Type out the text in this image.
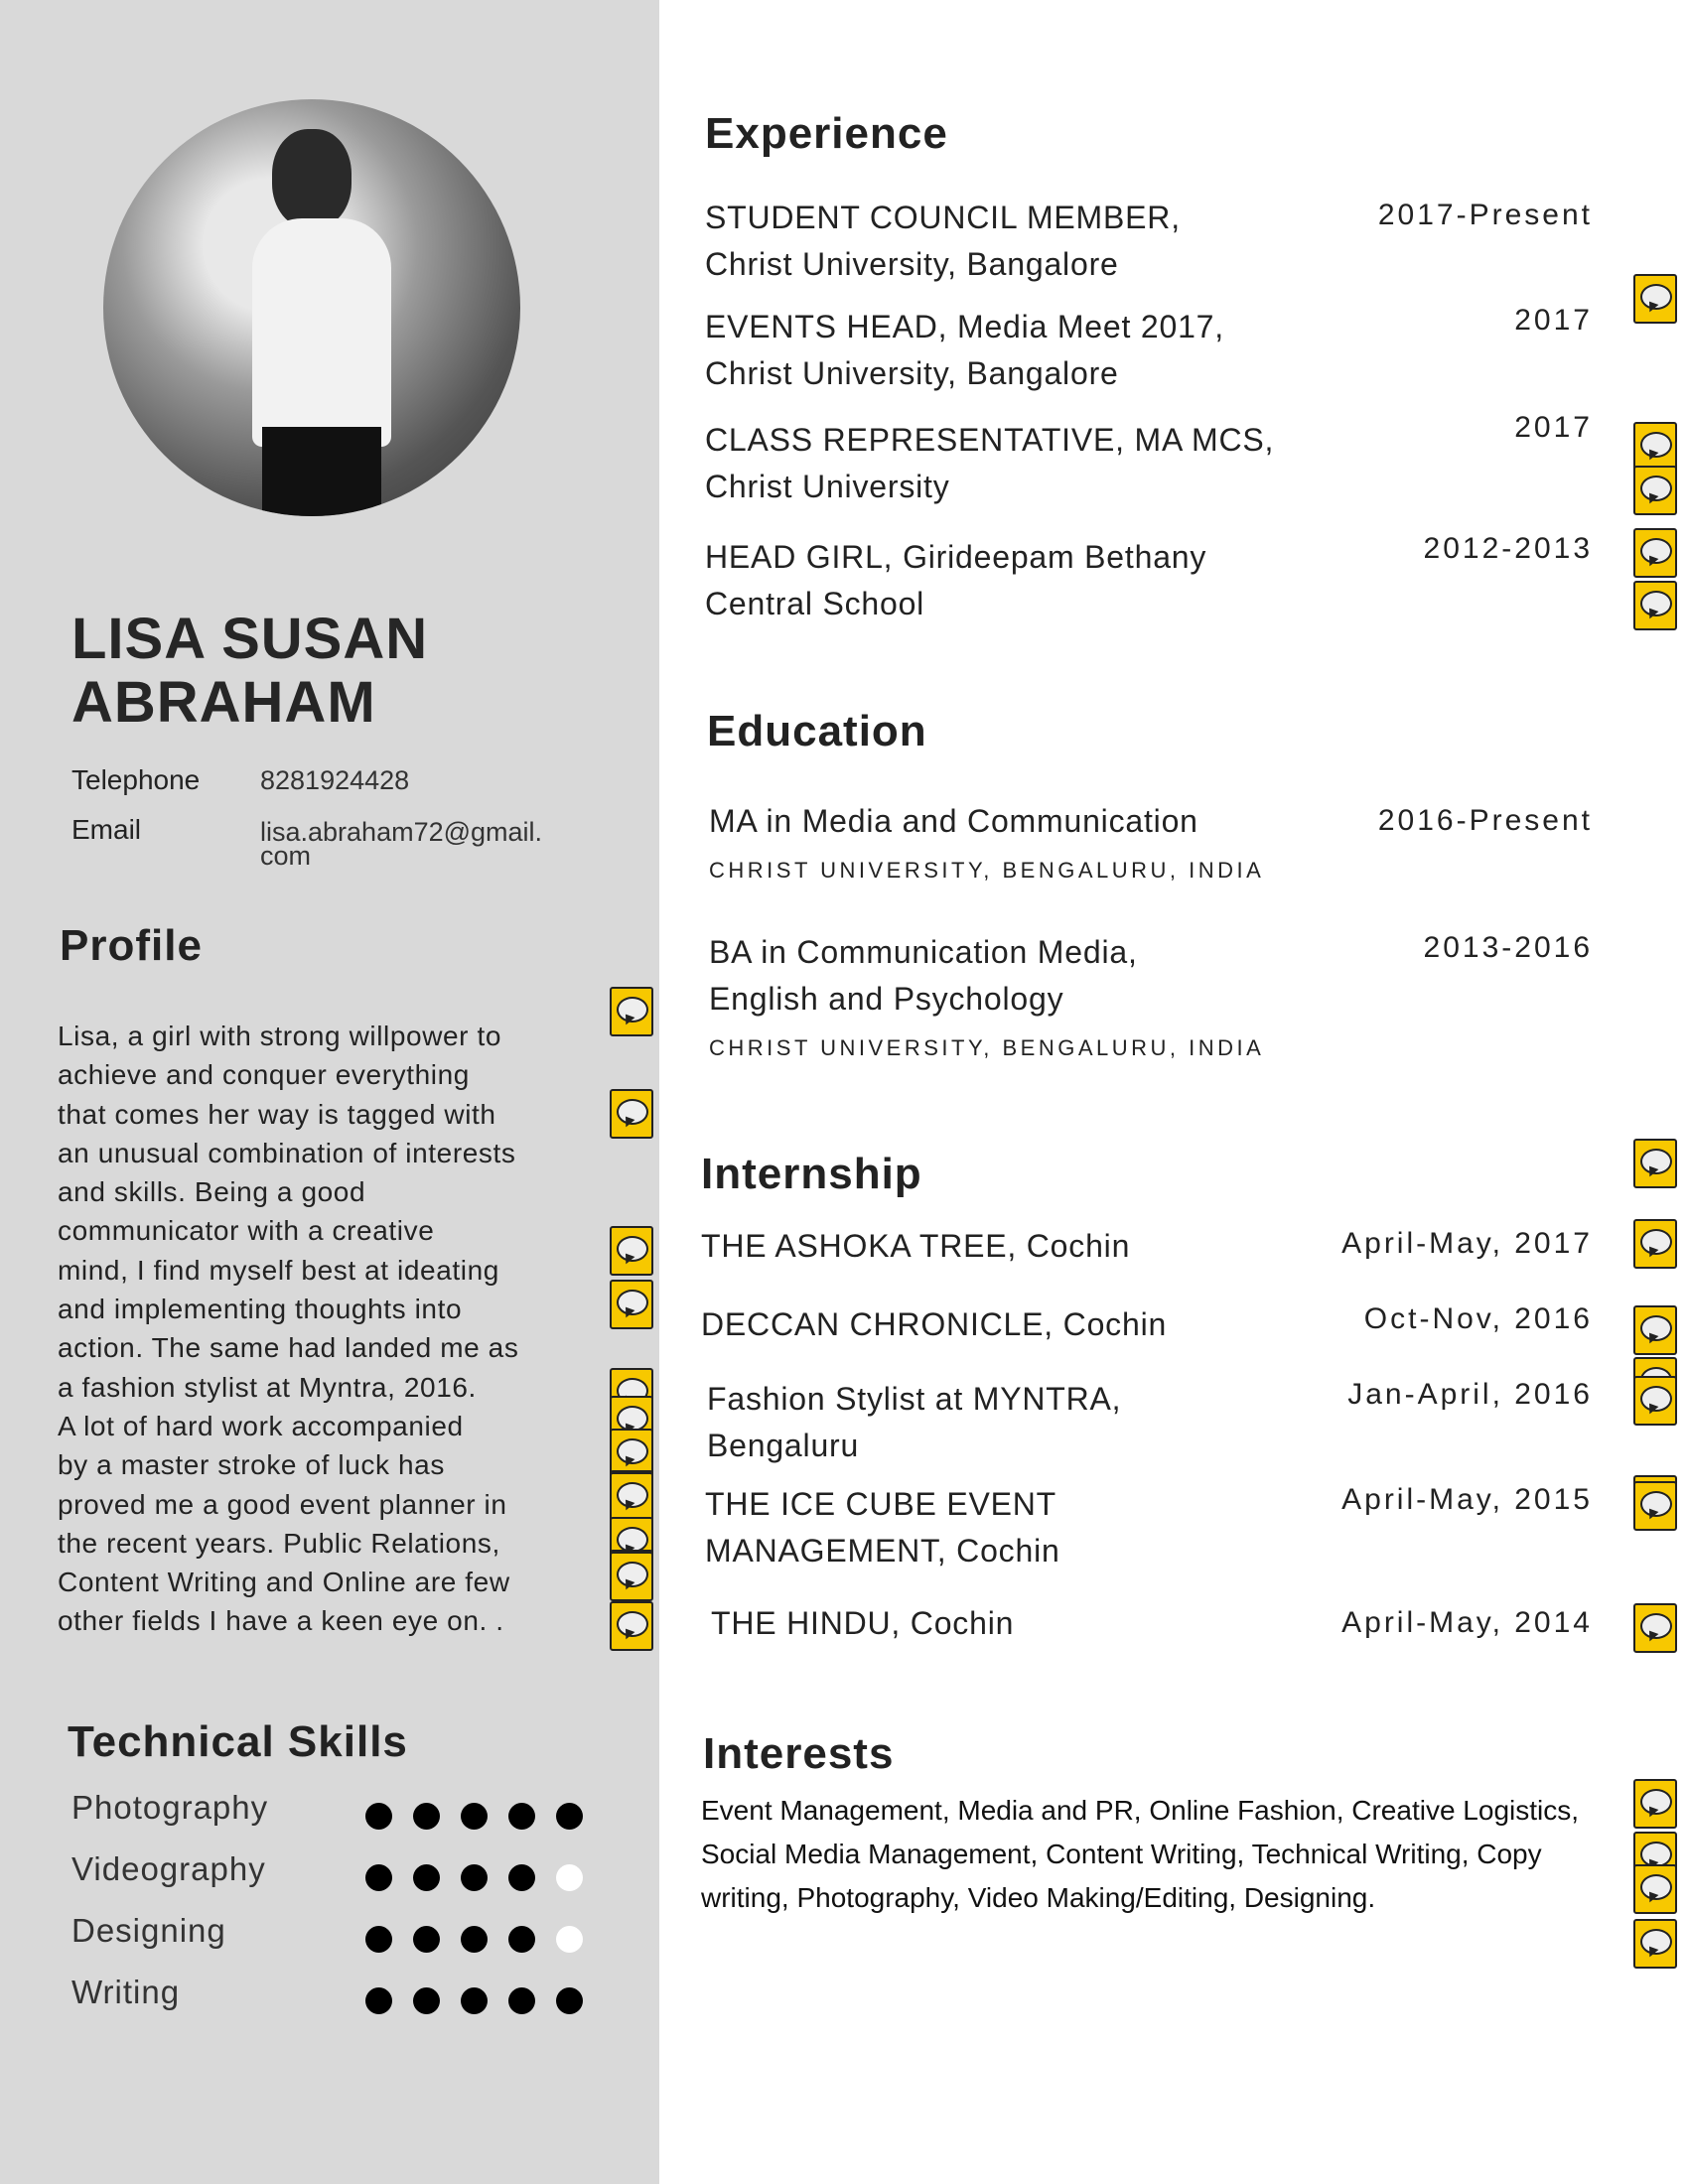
LISA SUSAN
ABRAHAM
Telephone 8281924428
Email	lisa.abraham72@gmail.
com
Profile
Lisa, a girl with strong willpower to
achieve and conquer everything
that comes her way is tagged with
an unusual combination of interests
and skills. Being a good
communicator with a creative
mind, I find myself best at ideating
and implementing thoughts into
action. The same had landed me as
a fashion stylist at Myntra, 2016.
A lot of hard work accompanied
by a master stroke of luck has
proved me a good event planner in
the recent years. Public Relations,
Content Writing and Online are few
other fields I have a keen eye on. .
Technical Skills
Experience
Education
Internship
Interests
Event Management, Media and PR, Online Fashion, Creative Logistics, Social Media Management, Content Writing, Technical Writing, Copy writing, Photography, Video Making/Editing, Designing.
Photography
Videography
Designing
Writing
STUDENT COUNCIL MEMBER,
Christ University, Bangalore
2017-Present
EVENTS HEAD, Media Meet 2017,
Christ University, Bangalore
2017
CLASS REPRESENTATIVE, MA MCS,
Christ University
2017
HEAD GIRL, Girideepam Bethany
Central School
2012-2013
MA in Media and Communication
CHRIST UNIVERSITY, BENGALURU, INDIA
2016-Present
BA in Communication Media,
English and Psychology
CHRIST UNIVERSITY, BENGALURU, INDIA
2013-2016
THE ASHOKA TREE, Cochin	April-May, 2017
DECCAN CHRONICLE, Cochin	Oct-Nov, 2016
Fashion Stylist at MYNTRA,
Bengaluru
Jan-April, 2016
THE ICE CUBE EVENT
MANAGEMENT, Cochin
April-May, 2015
THE HINDU, Cochin	April-May, 2014
